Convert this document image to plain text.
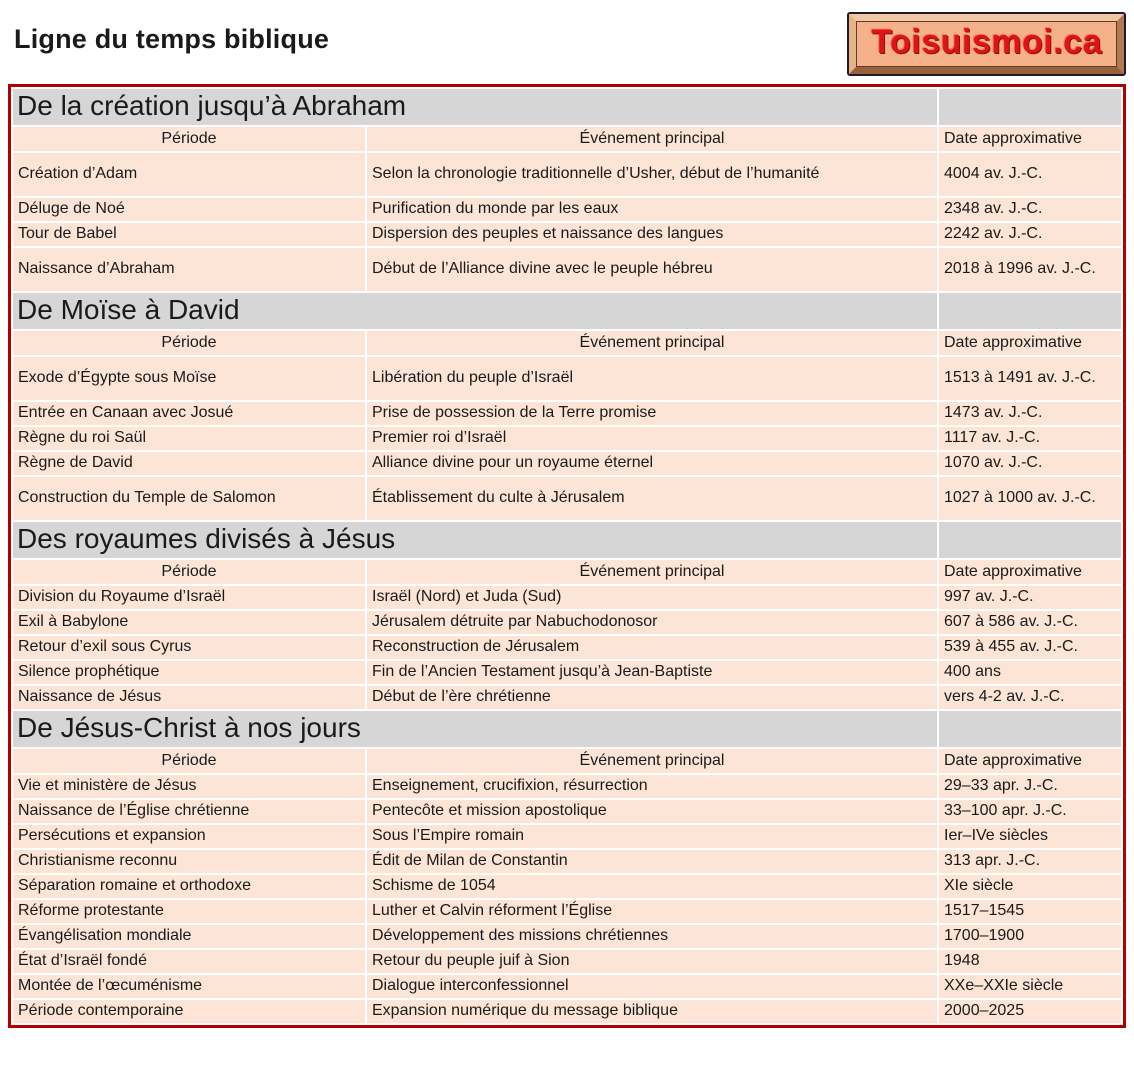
Ligne du temps biblique	Toisuismoi.ca
De la création jusqu’à Abraham		
Période	Événement principal	Date approximative
Création d’Adam	Selon la chronologie traditionnelle d’Usher, début de l’humanité	4004 av. J.-C.
Déluge de Noé	Purification du monde par les eaux	2348 av. J.-C.
Tour de Babel	Dispersion des peuples et naissance des langues	2242 av. J.-C.
Naissance d’Abraham	Début de l’Alliance divine avec le peuple hébreu	2018 à 1996 av. J.-C.
De Moïse à David		
Période	Événement principal	Date approximative
Exode d’Égypte sous Moïse	Libération du peuple d’Israël	1513 à 1491 av. J.-C.
Entrée en Canaan avec Josué	Prise de possession de la Terre promise	1473 av. J.-C.
Règne du roi Saül	Premier roi d’Israël	1117 av. J.-C.
Règne de David	Alliance divine pour un royaume éternel	1070 av. J.-C.
Construction du Temple de Salomon	Établissement du culte à Jérusalem	1027 à 1000 av. J.-C.
Des royaumes divisés à Jésus		
Période	Événement principal	Date approximative
Division du Royaume d’Israël	Israël (Nord) et Juda (Sud)	997 av. J.-C.
Exil à Babylone	Jérusalem détruite par Nabuchodonosor	607 à 586 av. J.-C.
Retour d’exil sous Cyrus	Reconstruction de Jérusalem	539 à 455 av. J.-C.
Silence prophétique	Fin de l’Ancien Testament jusqu’à Jean-Baptiste	400 ans
Naissance de Jésus	Début de l’ère chrétienne	vers 4-2 av. J.-C.
De Jésus-Christ à nos jours		
Période	Événement principal	Date approximative
Vie et ministère de Jésus	Enseignement, crucifixion, résurrection	29–33 apr. J.-C.
Naissance de l’Église chrétienne	Pentecôte et mission apostolique	33–100 apr. J.-C.
Persécutions et expansion	Sous l’Empire romain	Ier–IVe siècles
Christianisme reconnu	Édit de Milan de Constantin	313 apr. J.-C.
Séparation romaine et orthodoxe	Schisme de 1054	XIe siècle
Réforme protestante	Luther et Calvin réforment l’Église	1517–1545
Évangélisation mondiale	Développement des missions chrétiennes	1700–1900
État d’Israël fondé	Retour du peuple juif à Sion	1948
Montée de l’œcuménisme	Dialogue interconfessionnel	XXe–XXIe siècle
Période contemporaine	Expansion numérique du message biblique	2000–2025
